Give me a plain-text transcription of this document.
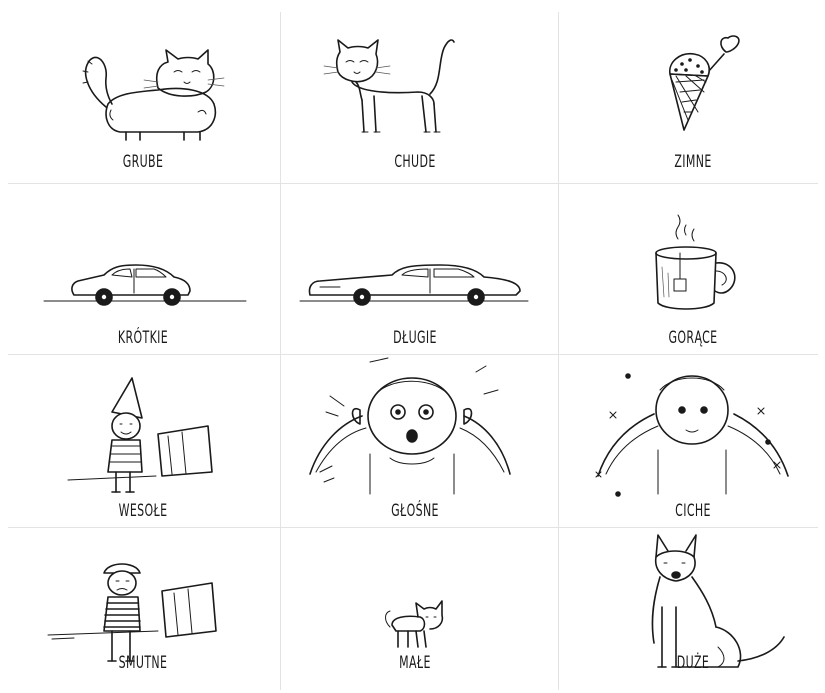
GRUBE	CHUDE	ZIMNE
KRÓTKIE	DŁUGIE	GORĄCE
WESOŁE	GŁOŚNE	CICHE
SMUTNE	MAŁE	DUŻE
